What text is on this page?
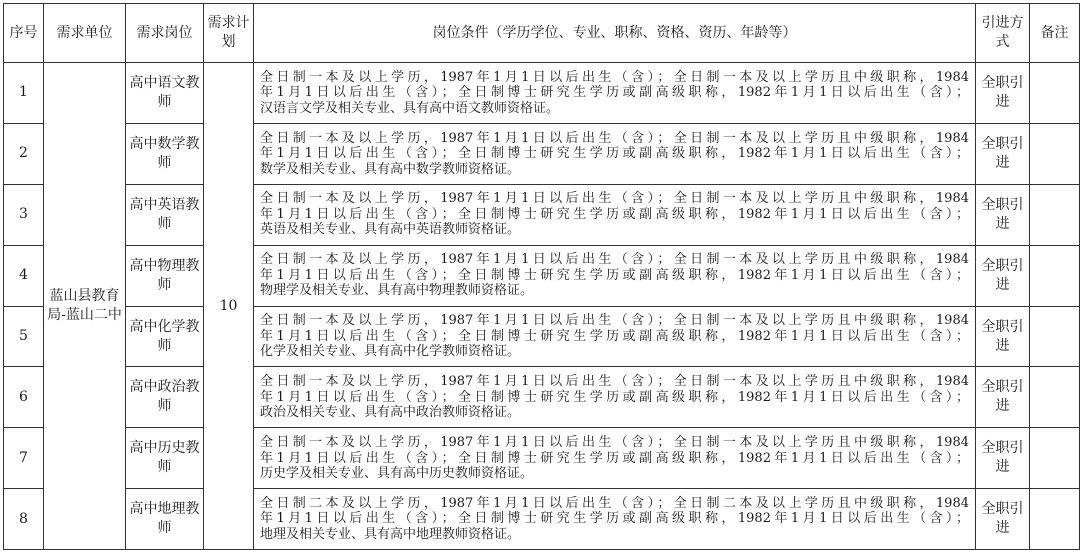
序号	需求单位	需求岗位	需求计划	岗位条件（学历学位、专业、职称、资格、资历、年龄等）	引进方式	备注
1	蓝山县教育局-蓝山二中	高中语文教师	10	全日制一本及以上学历，1987年1月1日以后出生（含）；全日制一本及以上学历且中级职称，1984
年1月1日以后出生（含）；全日制博士研究生学历或副高级职称，1982年1月1日以后出生（含）；
汉语言文学及相关专业、具有高中语文教师资格证。	全职引进	
2		高中数学教师		全日制一本及以上学历，1987年1月1日以后出生（含）；全日制一本及以上学历且中级职称，1984
年1月1日以后出生（含）；全日制博士研究生学历或副高级职称，1982年1月1日以后出生（含）；
数学及相关专业、具有高中数学教师资格证。	全职引进	
3		高中英语教师		全日制一本及以上学历，1987年1月1日以后出生（含）；全日制一本及以上学历且中级职称，1984
年1月1日以后出生（含）；全日制博士研究生学历或副高级职称，1982年1月1日以后出生（含）；
英语及相关专业、具有高中英语教师资格证。	全职引进	
4		高中物理教师		全日制一本及以上学历，1987年1月1日以后出生（含）；全日制一本及以上学历且中级职称，1984
年1月1日以后出生（含）；全日制博士研究生学历或副高级职称，1982年1月1日以后出生（含）；
物理学及相关专业、具有高中物理教师资格证。	全职引进	
5		高中化学教师		全日制一本及以上学历，1987年1月1日以后出生（含）；全日制一本及以上学历且中级职称，1984
年1月1日以后出生（含）；全日制博士研究生学历或副高级职称，1982年1月1日以后出生（含）；
化学及相关专业、具有高中化学教师资格证。	全职引进	
6		高中政治教师		全日制一本及以上学历，1987年1月1日以后出生（含）；全日制一本及以上学历且中级职称，1984
年1月1日以后出生（含）；全日制博士研究生学历或副高级职称，1982年1月1日以后出生（含）；
政治及相关专业、具有高中政治教师资格证。	全职引进	
7		高中历史教师		全日制一本及以上学历，1987年1月1日以后出生（含）；全日制一本及以上学历且中级职称，1984
年1月1日以后出生（含）；全日制博士研究生学历或副高级职称，1982年1月1日以后出生（含）；
历史学及相关专业、具有高中历史教师资格证。	全职引进	
8		高中地理教师		全日制二本及以上学历，1987年1月1日以后出生（含）；全日制二本及以上学历且中级职称，1984
年1月1日以后出生（含）；全日制博士研究生学历或副高级职称，1982年1月1日以后出生（含）；
地理及相关专业、具有高中地理教师资格证。	全职引进	
